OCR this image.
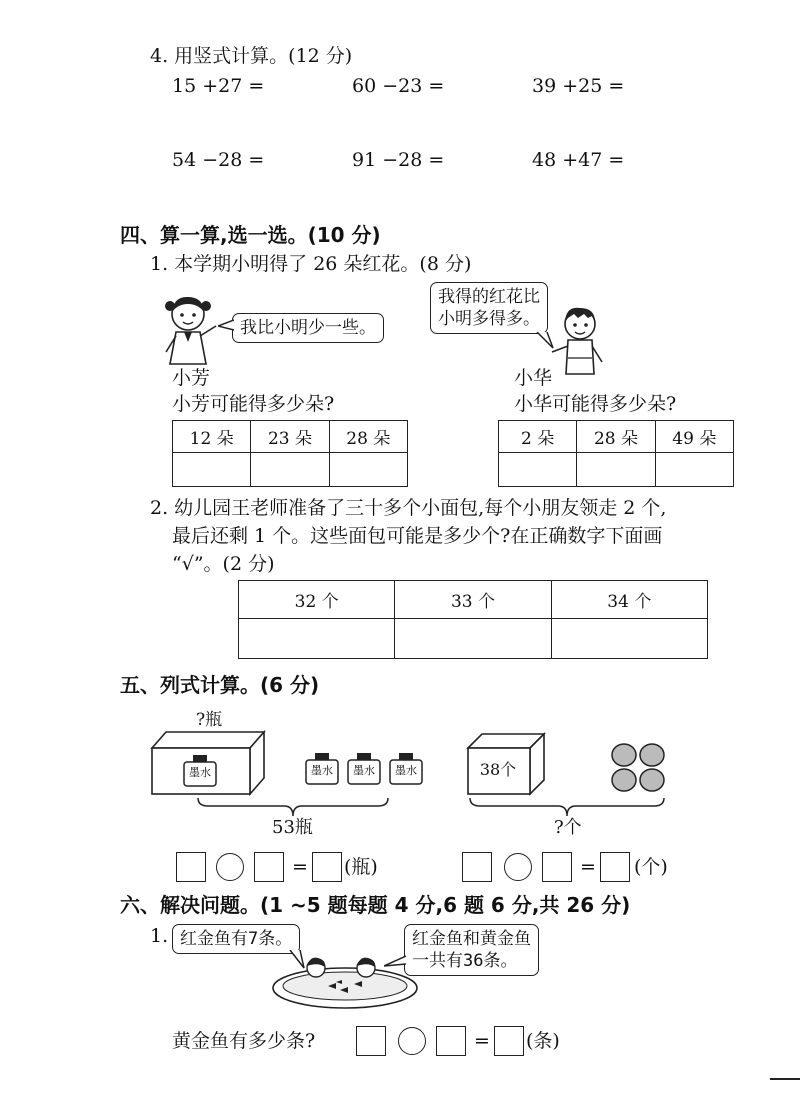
4. 用竖式计算。(12 分)
15 +27 =	60 −23 =	39 +25 =
54 −28 =	91 −28 =	48 +47 =
四、算一算,选一选。(10 分)
1. 本学期小明得了 26 朵红花。(8 分)
我比小明少一些。
我得的红花比
小明多得多。
小芳	小华
小芳可能得多少朵?	小华可能得多少朵?
12 朵	23 朵	28 朵
			2 朵	28 朵	49 朵

2. 幼儿园王老师准备了三十多个小面包,每个小朋友领走 2 个,
最后还剩 1 个。这些面包可能是多少个?在正确数字下面画
“√”。(2 分)
32 个	33 个	34 个

五、列式计算。(6 分)
?瓶
墨水	墨水	墨水	墨水
53瓶
38个
?个
= (瓶)	= (个)
六、解决问题。(1 ~5 题每题 4 分,6 题 6 分,共 26 分)
1. 红金鱼有7条。	红金鱼和黄金鱼
一共有36条。
黄金鱼有多少条?	= (条)
